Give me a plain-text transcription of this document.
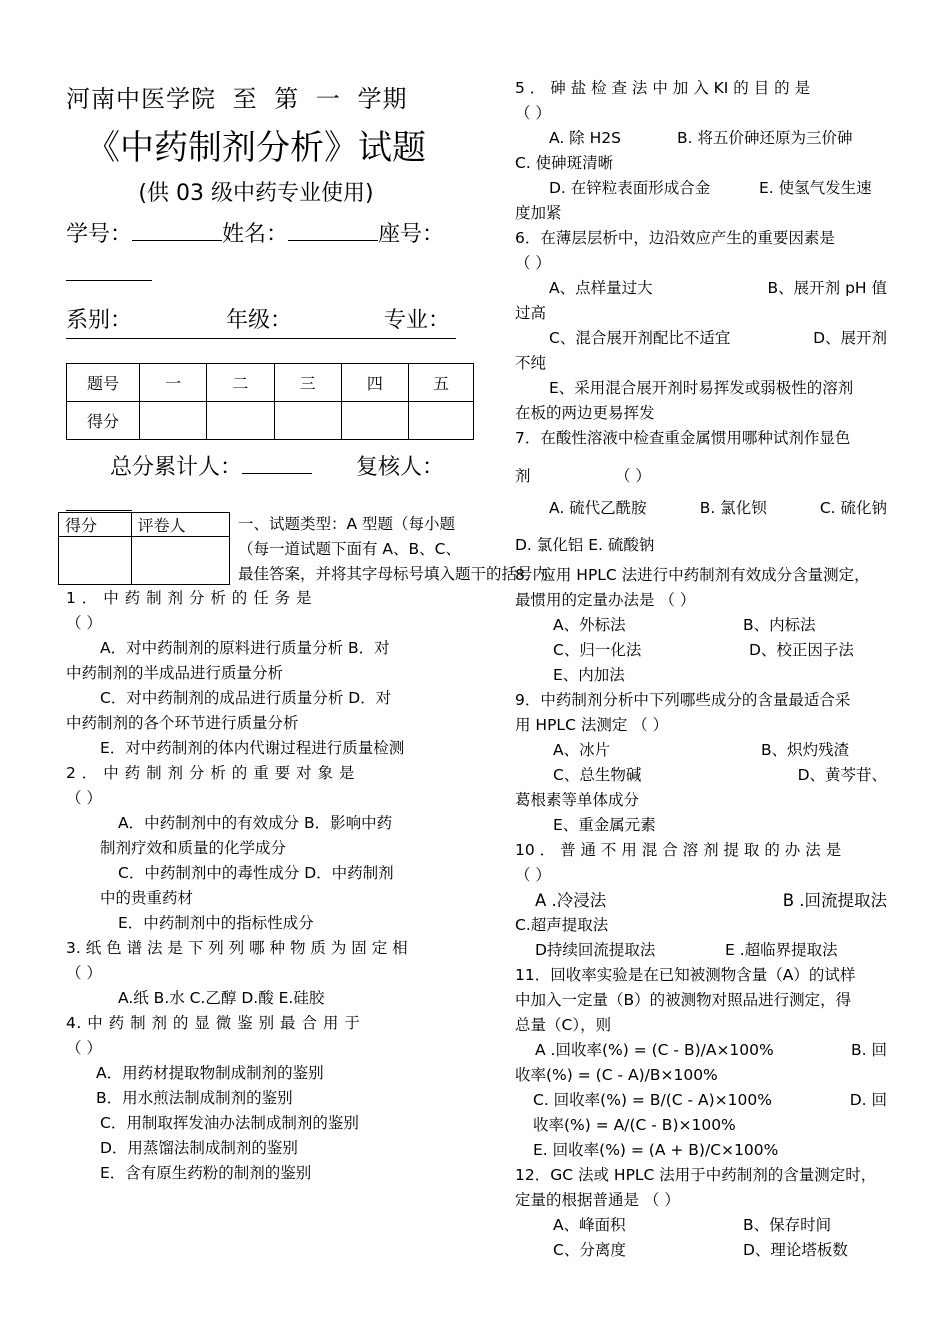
河南中医学院 至 第 一 学期
《中药制剂分析》试题
(供 03 级中药专业使用)
学号：	姓名：	座号：
系别：	年级：	专业：
题号	一	二	三	四	五
得分					
总分累计人：	复核人：
得分	评卷人
		一、试题类型：A 型题（每小题
（每一道试题下面有 A、B、C、
最佳答案，并将其字母标号填入题干的括号内。
1 ． 中 药 制 剂 分 析 的 任 务 是
（ ）
A．对中药制剂的原料进行质量分析 B．对
中药制剂的半成品进行质量分析
C．对中药制剂的成品进行质量分析 D．对
中药制剂的各个环节进行质量分析
E．对中药制剂的体内代谢过程进行质量检测
2 ． 中 药 制 剂 分 析 的 重 要 对 象 是
（ ）
A．中药制剂中的有效成分 B．影响中药
制剂疗效和质量的化学成分
C．中药制剂中的毒性成分 D．中药制剂
中的贵重药材
E．中药制剂中的指标性成分
3. 纸 色 谱 法 是 下 列 列 哪 种 物 质 为 固 定 相
（ ）
A.纸 B.水 C.乙醇 D.酸 E.硅胶
4. 中 药 制 剂 的 显 微 鉴 别 最 合 用 于
（ ）
A．用药材提取物制成制剂的鉴别
B．用水煎法制成制剂的鉴别
C．用制取挥发油办法制成制剂的鉴别
D．用蒸馏法制成制剂的鉴别
E．含有原生药粉的制剂的鉴别
5 ． 砷 盐 检 查 法 中 加 入 KI 的 目 的 是
（ ）
A. 除 H2S	B. 将五价砷还原为三价砷
C. 使砷斑清晰
D. 在锌粒表面形成合金	E. 使氢气发生速
度加紧
6．在薄层层析中，边沿效应产生的重要因素是
（ ）
A、点样量过大	B、展开剂 pH 值
过高
C、混合展开剂配比不适宜	D、展开剂
不纯
E、采用混合展开剂时易挥发或弱极性的溶剂
在板的两边更易挥发
7．在酸性溶液中检查重金属惯用哪种试剂作显色
剂	（ ）
A. 硫代乙酰胺	B. 氯化钡	C. 硫化钠
D. 氯化铝 E. 硫酸钠
8．应用 HPLC 法进行中药制剂有效成分含量测定，
最惯用的定量办法是 （ ）
A、外标法	B、内标法
C、归一化法	D、校正因子法
E、内加法
9．中药制剂分析中下列哪些成分的含量最适合采
用 HPLC 法测定 （ ）
A、冰片	B、炽灼残渣
C、总生物碱	D、黄芩苷、
葛根素等单体成分
E、重金属元素
10 ． 普 通 不 用 混 合 溶 剂 提 取 的 办 法 是
（ ）
A .冷浸法	B .回流提取法
C.超声提取法
D持续回流提取法	E .超临界提取法
11．回收率实验是在已知被测物含量（A）的试样
中加入一定量（B）的被测物对照品进行测定，得
总量（C），则
A .回收率(%) = (C - B)/A×100%	B. 回
收率(%) = (C - A)/B×100%
C. 回收率(%) = B/(C - A)×100%	D. 回
收率(%) = A/(C - B)×100%
E. 回收率(%) = (A + B)/C×100%
12．GC 法或 HPLC 法用于中药制剂的含量测定时，
定量的根据普通是 （ ）
A、峰面积	B、保存时间
C、分离度	D、理论塔板数
